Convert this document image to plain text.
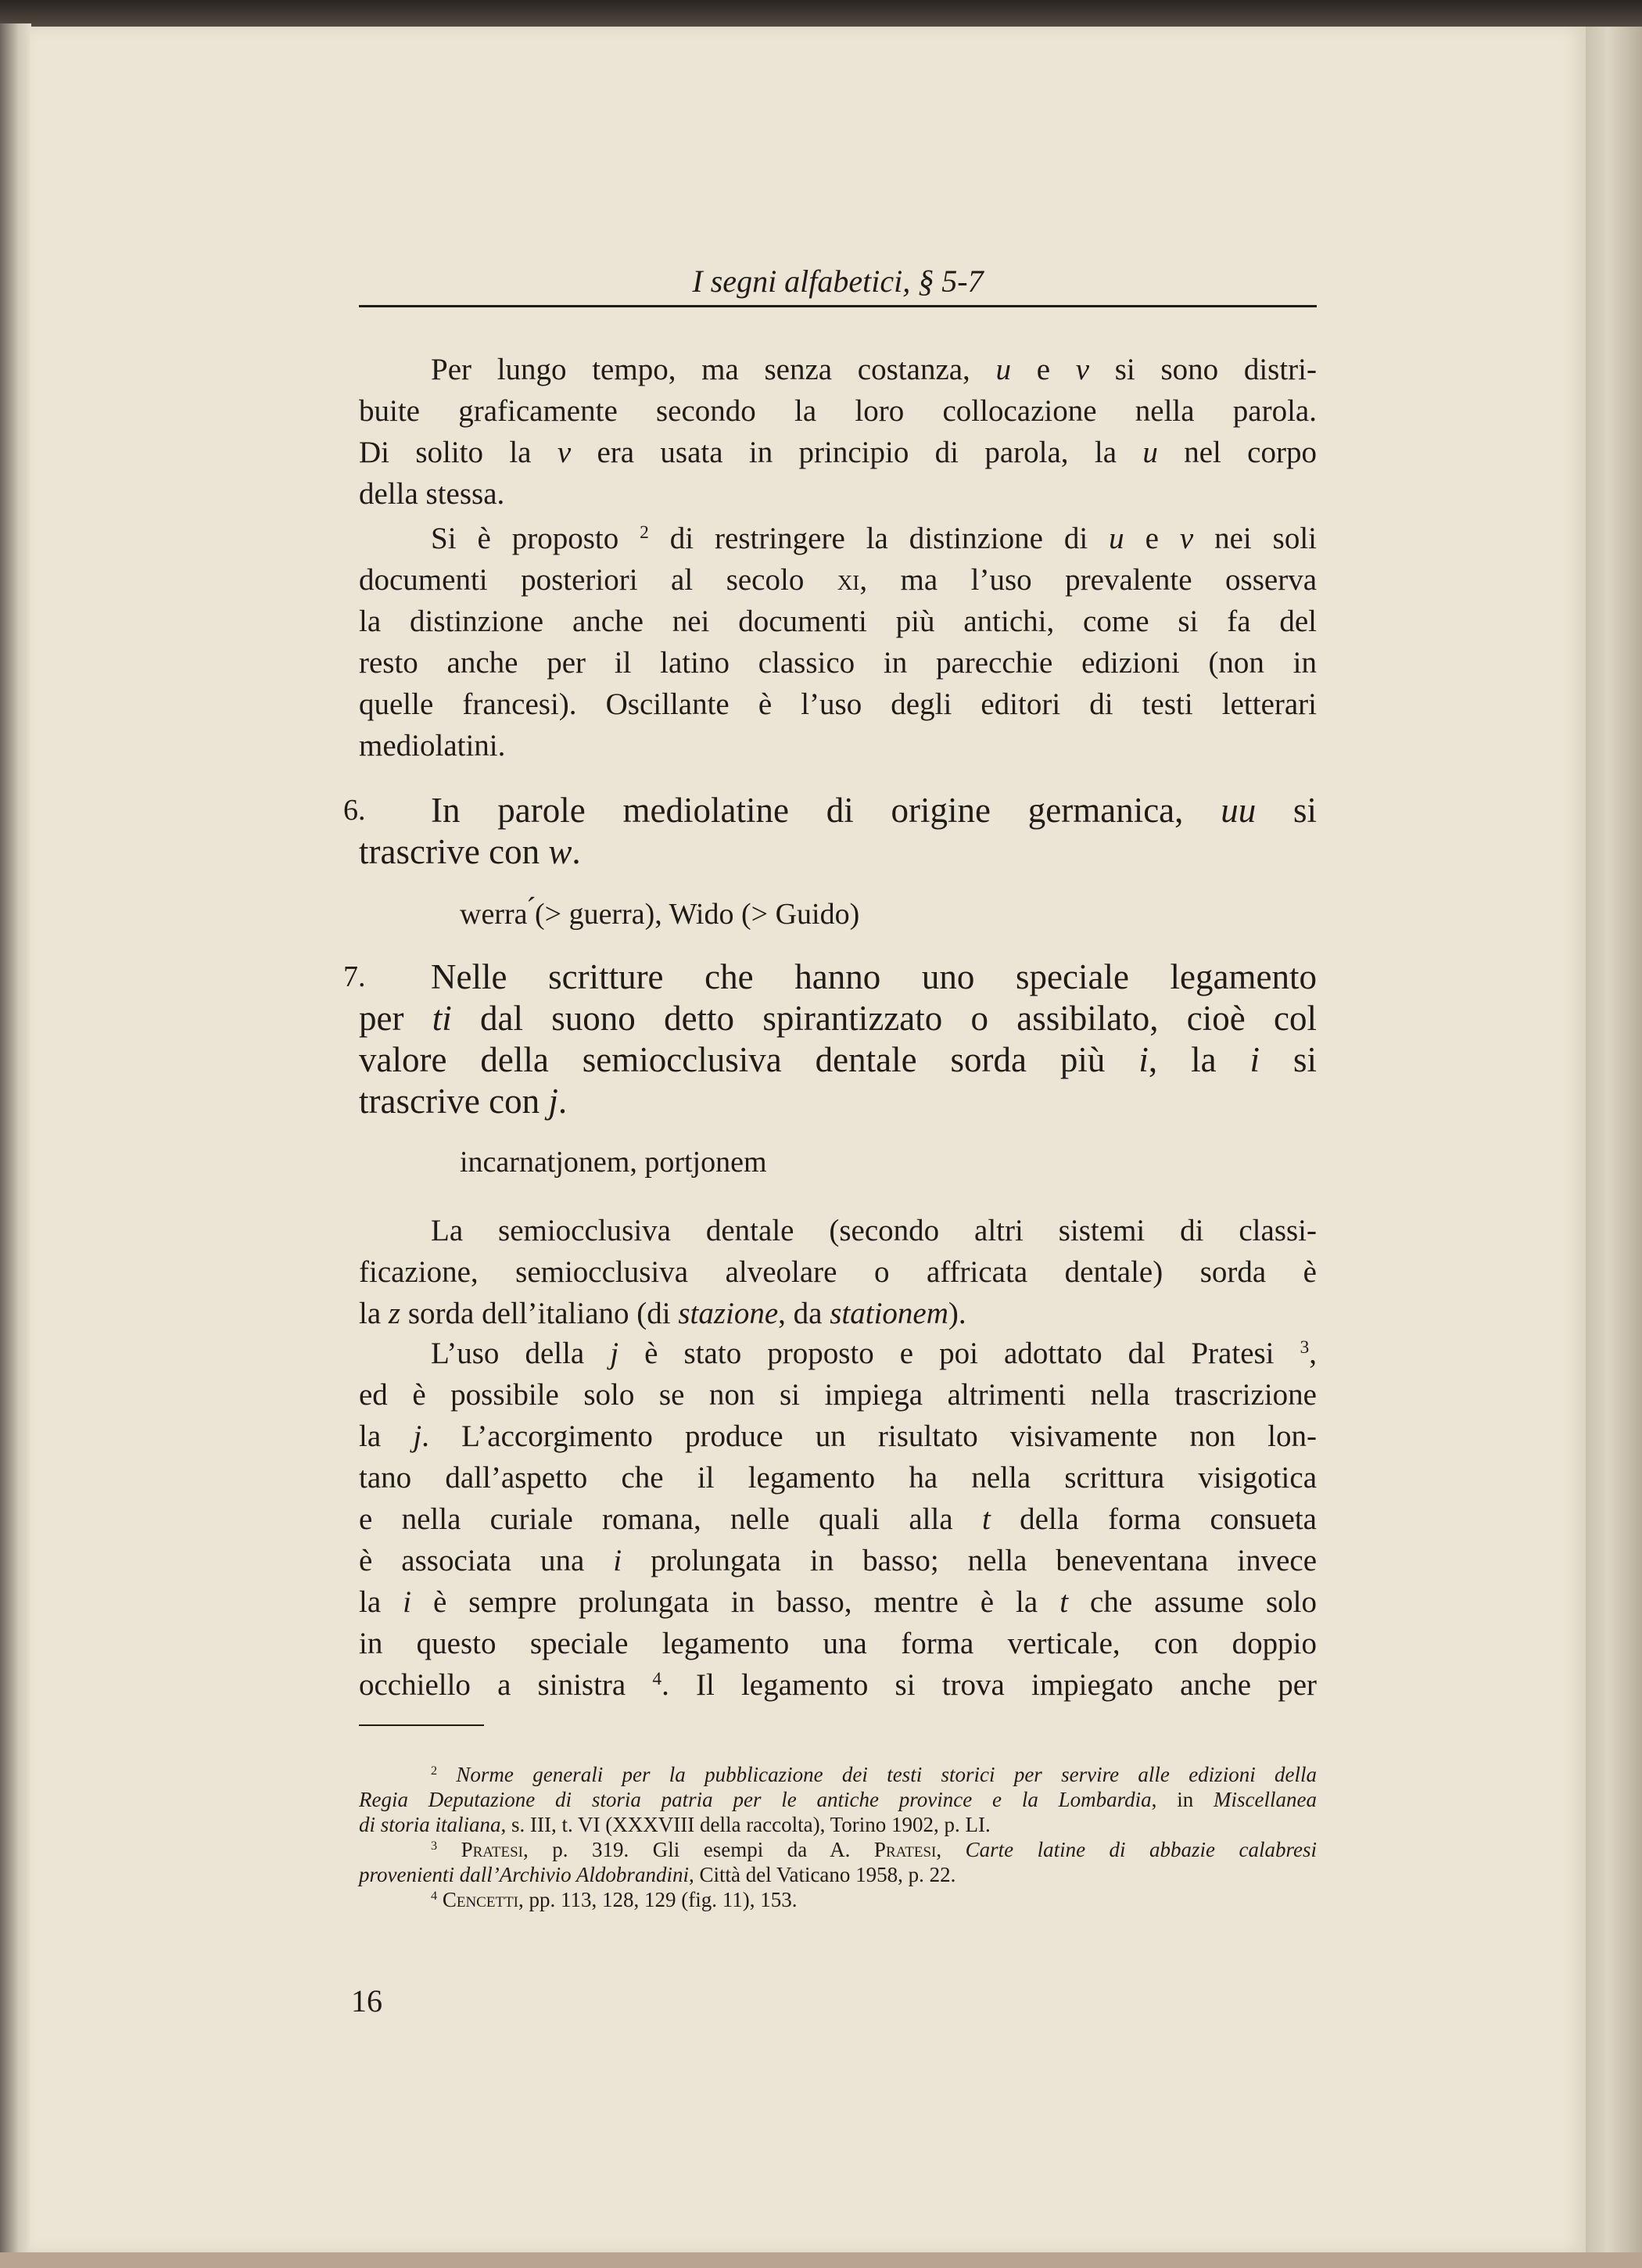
I segni alfabetici, § 5-7
Per lungo tempo, ma senza costanza, u e v si sono distri-
buite graficamente secondo la loro collocazione nella parola.
Di solito la v era usata in principio di parola, la u nel corpo
della stessa.
Si è proposto $^2$ di restringere la distinzione di u e v nei soli
documenti posteriori al secolo xi, ma l’uso prevalente osserva
la distinzione anche nei documenti più antichi, come si fa del
resto anche per il latino classico in parecchie edizioni (non in
quelle francesi). Oscillante è l’uso degli editori di testi letterari
mediolatini.
6.	In parole mediolatine di origine germanica, uu si
trascrive con w.
werra ́(> guerra), Wido (> Guido)
7.	Nelle scritture che hanno uno speciale legamento
per ti dal suono detto spirantizzato o assibilato, cioè col
valore della semiocclusiva dentale sorda più i, la i si
trascrive con j.
incarnatjonem, portjonem
La semiocclusiva dentale (secondo altri sistemi di classi-
ficazione, semiocclusiva alveolare o affricata dentale) sorda è
la z sorda dell’italiano (di stazione, da stationem).
L’uso della j è stato proposto e poi adottato dal Pratesi $^3$,
ed è possibile solo se non si impiega altrimenti nella trascrizione
la j. L’accorgimento produce un risultato visivamente non lon-
tano dall’aspetto che il legamento ha nella scrittura visigotica
e nella curiale romana, nelle quali alla t della forma consueta
è associata una i prolungata in basso; nella beneventana invece
la i è sempre prolungata in basso, mentre è la t che assume solo
in questo speciale legamento una forma verticale, con doppio
occhiello a sinistra $^4$. Il legamento si trova impiegato anche per
$^2$ Norme generali per la pubblicazione dei testi storici per servire alle edizioni della
Regia Deputazione di storia patria per le antiche province e la Lombardia, in Miscellanea
di storia italiana, s. III, t. VI (XXXVIII della raccolta), Torino 1902, p. LI.
$^3$ Pratesi, p. 319. Gli esempi da A. Pratesi, Carte latine di abbazie calabresi
provenienti dall’Archivio Aldobrandini, Città del Vaticano 1958, p. 22.
$^4$ Cencetti, pp. 113, 128, 129 (fig. 11), 153.
16
